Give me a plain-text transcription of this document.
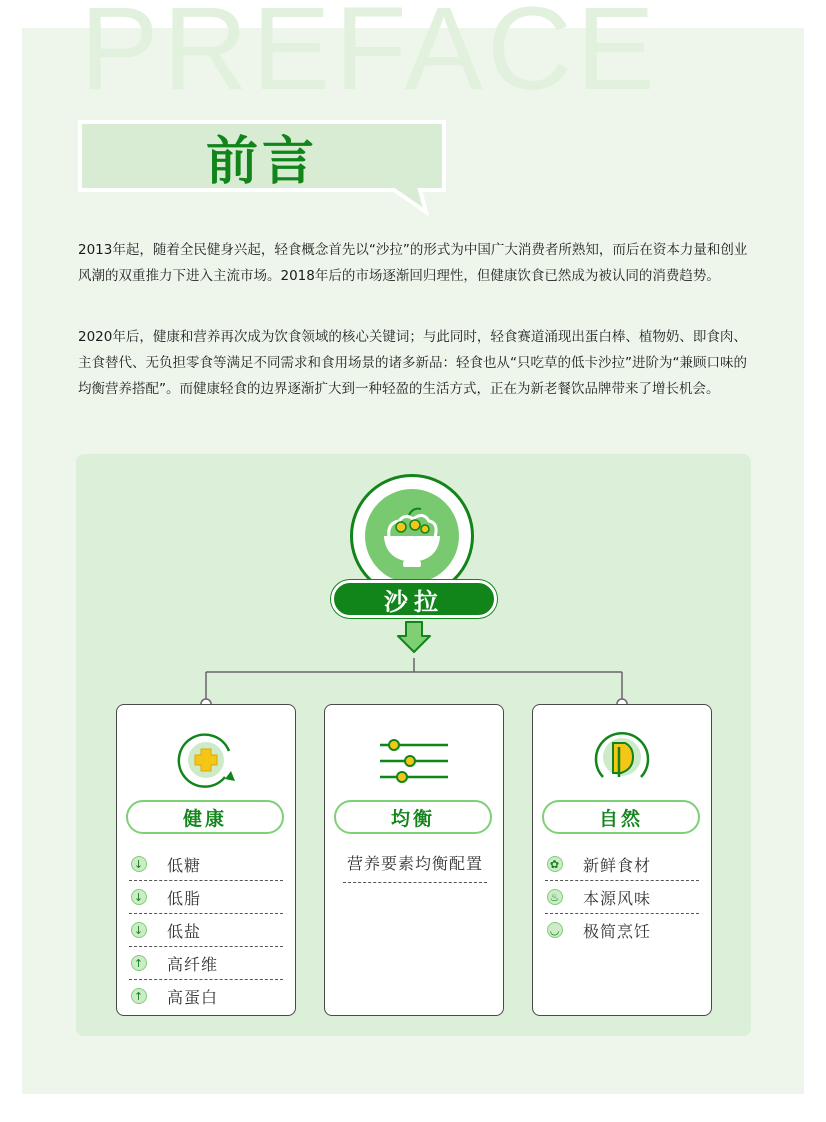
PREFACE
前言
2013年起，随着全民健身兴起，轻食概念首先以“沙拉”的形式为中国广大消费者所熟知，而后在资本力量和创业风潮的双重推力下进入主流市场。2018年后的市场逐渐回归理性，但健康饮食已然成为被认同的消费趋势。
2020年后，健康和营养再次成为饮食领域的核心关键词；与此同时，轻食赛道涌现出蛋白棒、植物奶、即食肉、主食替代、无负担零食等满足不同需求和食用场景的诸多新品：轻食也从“只吃草的低卡沙拉”进阶为“兼顾口味的均衡营养搭配”。而健康轻食的边界逐渐扩大到一种轻盈的生活方式，正在为新老餐饮品牌带来了增长机会。
沙拉
健康
↓ 低糖
↓ 低脂
↓ 低盐
↑ 高纤维
↑ 高蛋白
均衡
营养要素均衡配置
自然
✿ 新鲜食材
♨ 本源风味
◡ 极简烹饪
